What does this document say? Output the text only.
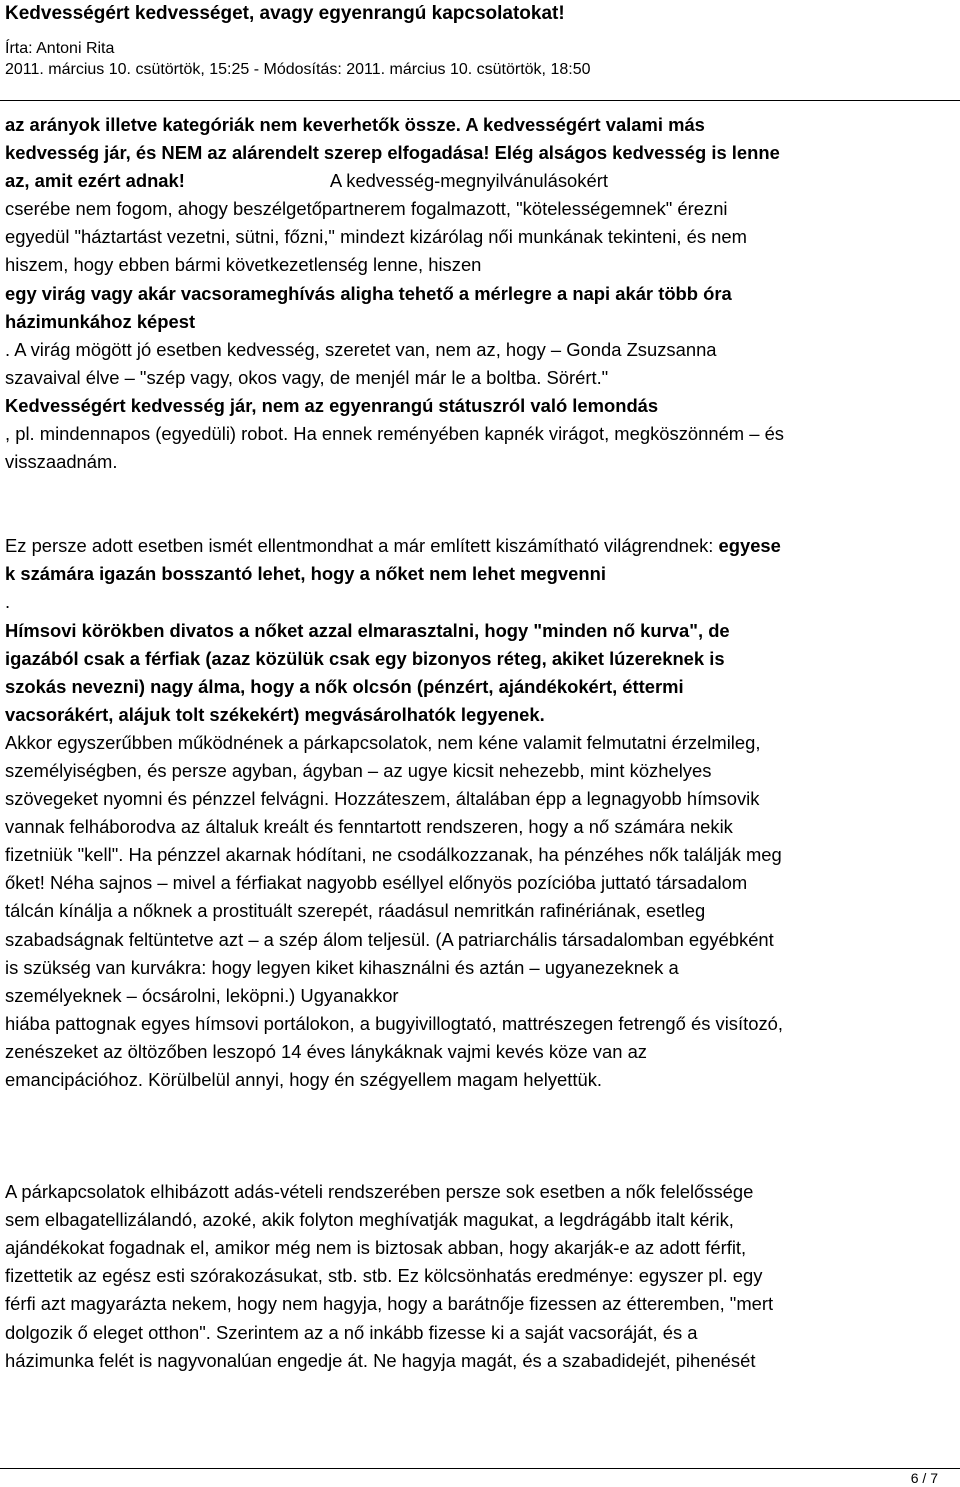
Kedvességért kedvességet, avagy egyenrangú kapcsolatokat!

Írta: Antoni Rita

2011. március 10. csütörtök, 15:25 - Módosítás: 2011. március 10. csütörtök, 18:50

az arányok illetve kategóriák nem keverhetők össze. A kedvességért valami más
kedvesség jár, és NEM az alárendelt szerep elfogadása! Elég alságos kedvesség is lenne
az, amit ezért adnak!	A kedvesség-megnyilvánulásokért
cserébe nem fogom, ahogy beszélgetőpartnerem fogalmazott, "kötelességemnek" érezni
egyedül "háztartást vezetni, sütni, főzni," mindezt kizárólag női munkának tekinteni, és nem
hiszem, hogy ebben bármi következetlenség lenne, hiszen
egy virág vagy akár vacsorameghívás aligha tehető a mérlegre a napi akár több óra
házimunkához képest
. A virág mögött jó esetben kedvesség, szeretet van, nem az, hogy – Gonda Zsuzsanna
szavaival élve – "szép vagy, okos vagy, de menjél már le a boltba. Sörért."
Kedvességért kedvesség jár, nem az egyenrangú státuszról való lemondás
, pl. mindennapos (egyedüli) robot. Ha ennek reményében kapnék virágot, megköszönném – és
visszaadnám.

Ez persze adott esetben ismét ellentmondhat a már említett kiszámítható világrendnek: egyese
k számára igazán bosszantó lehet, hogy a nőket nem lehet megvenni
.
Hímsovi körökben divatos a nőket azzal elmarasztalni, hogy "minden nő kurva", de
igazából csak a férfiak (azaz közülük csak egy bizonyos réteg, akiket lúzereknek is
szokás nevezni) nagy álma, hogy a nők olcsón (pénzért, ajándékokért, éttermi
vacsorákért, alájuk tolt székekért) megvásárolhatók legyenek.
Akkor egyszerűbben működnének a párkapcsolatok, nem kéne valamit felmutatni érzelmileg,
személyiségben, és persze agyban, ágyban – az ugye kicsit nehezebb, mint közhelyes
szövegeket nyomni és pénzzel felvágni. Hozzáteszem, általában épp a legnagyobb hímsovik
vannak felháborodva az általuk kreált és fenntartott rendszeren, hogy a nő számára nekik
fizetniük "kell". Ha pénzzel akarnak hódítani, ne csodálkozzanak, ha pénzéhes nők találják meg
őket! Néha sajnos – mivel a férfiakat nagyobb eséllyel előnyös pozícióba juttató társadalom
tálcán kínálja a nőknek a prostituált szerepét, ráadásul nemritkán rafinériának, esetleg
szabadságnak feltüntetve azt – a szép álom teljesül. (A patriarchális társadalomban egyébként
is szükség van kurvákra: hogy legyen kiket kihasználni és aztán – ugyanezeknek a
személyeknek – ócsárolni, leköpni.) Ugyanakkor
hiába pattognak egyes hímsovi portálokon, a bugyivillogtató, mattrészegen fetrengő és visítozó,
zenészeket az öltözőben leszopó 14 éves lánykáknak vajmi kevés köze van az
emancipációhoz. Körülbelül annyi, hogy én szégyellem magam helyettük.

A párkapcsolatok elhibázott adás-vételi rendszerében persze sok esetben a nők felelőssége
sem elbagatellizálandó, azoké, akik folyton meghívatják magukat, a legdrágább italt kérik,
ajándékokat fogadnak el, amikor még nem is biztosak abban, hogy akarják-e az adott férfit,
fizettetik az egész esti szórakozásukat, stb. stb. Ez kölcsönhatás eredménye: egyszer pl. egy
férfi azt magyarázta nekem, hogy nem hagyja, hogy a barátnője fizessen az étteremben, "mert
dolgozik ő eleget otthon". Szerintem az a nő inkább fizesse ki a saját vacsoráját, és a
házimunka felét is nagyvonalúan engedje át. Ne hagyja magát, és a szabadidejét, pihenését

6 / 7
